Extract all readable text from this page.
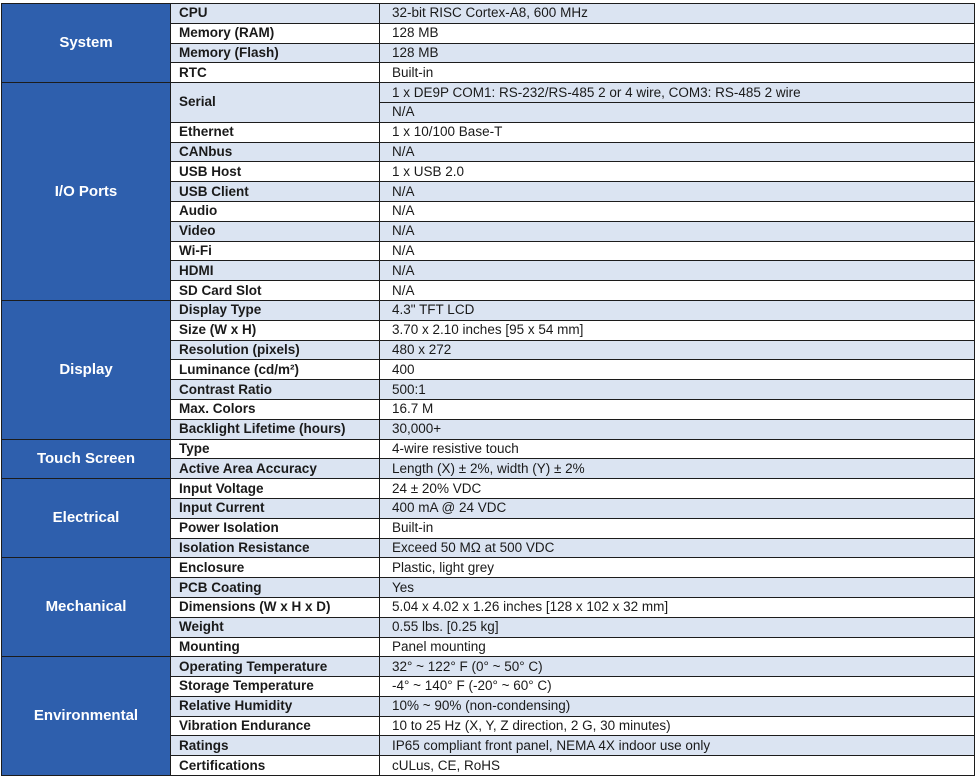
System	CPU	32-bit RISC Cortex-A8, 600 MHz
	Memory (RAM)	128 MB
	Memory (Flash)	128 MB
	RTC	Built-in
I/O Ports	Serial	1 x DE9P COM1: RS-232/RS-485 2 or 4 wire, COM3: RS-485 2 wire
		N/A
	Ethernet	1 x 10/100 Base-T
	CANbus	N/A
	USB Host	1 x USB 2.0
	USB Client	N/A
	Audio	N/A
	Video	N/A
	Wi-Fi	N/A
	HDMI	N/A
	SD Card Slot	N/A
Display	Display Type	4.3" TFT LCD
	Size (W x H)	3.70 x 2.10 inches [95 x 54 mm]
	Resolution (pixels)	480 x 272
	Luminance (cd/m²)	400
	Contrast Ratio	500:1
	Max. Colors	16.7 M
	Backlight Lifetime (hours)	30,000+
Touch Screen	Type	4-wire resistive touch
	Active Area Accuracy	Length (X) ± 2%, width (Y) ± 2%
Electrical	Input Voltage	24 ± 20% VDC
	Input Current	400 mA @ 24 VDC
	Power Isolation	Built-in
	Isolation Resistance	Exceed 50 MΩ at 500 VDC
Mechanical	Enclosure	Plastic, light grey
	PCB Coating	Yes
	Dimensions (W x H x D)	5.04 x 4.02 x 1.26 inches [128 x 102 x 32 mm]
	Weight	0.55 lbs. [0.25 kg]
	Mounting	Panel mounting
Environmental	Operating Temperature	32° ~ 122° F (0° ~ 50° C)
	Storage Temperature	-4° ~ 140° F (-20° ~ 60° C)
	Relative Humidity	10% ~ 90% (non-condensing)
	Vibration Endurance	10 to 25 Hz (X, Y, Z direction, 2 G, 30 minutes)
	Ratings	IP65 compliant front panel, NEMA 4X indoor use only
	Certifications	cULus, CE, RoHS
